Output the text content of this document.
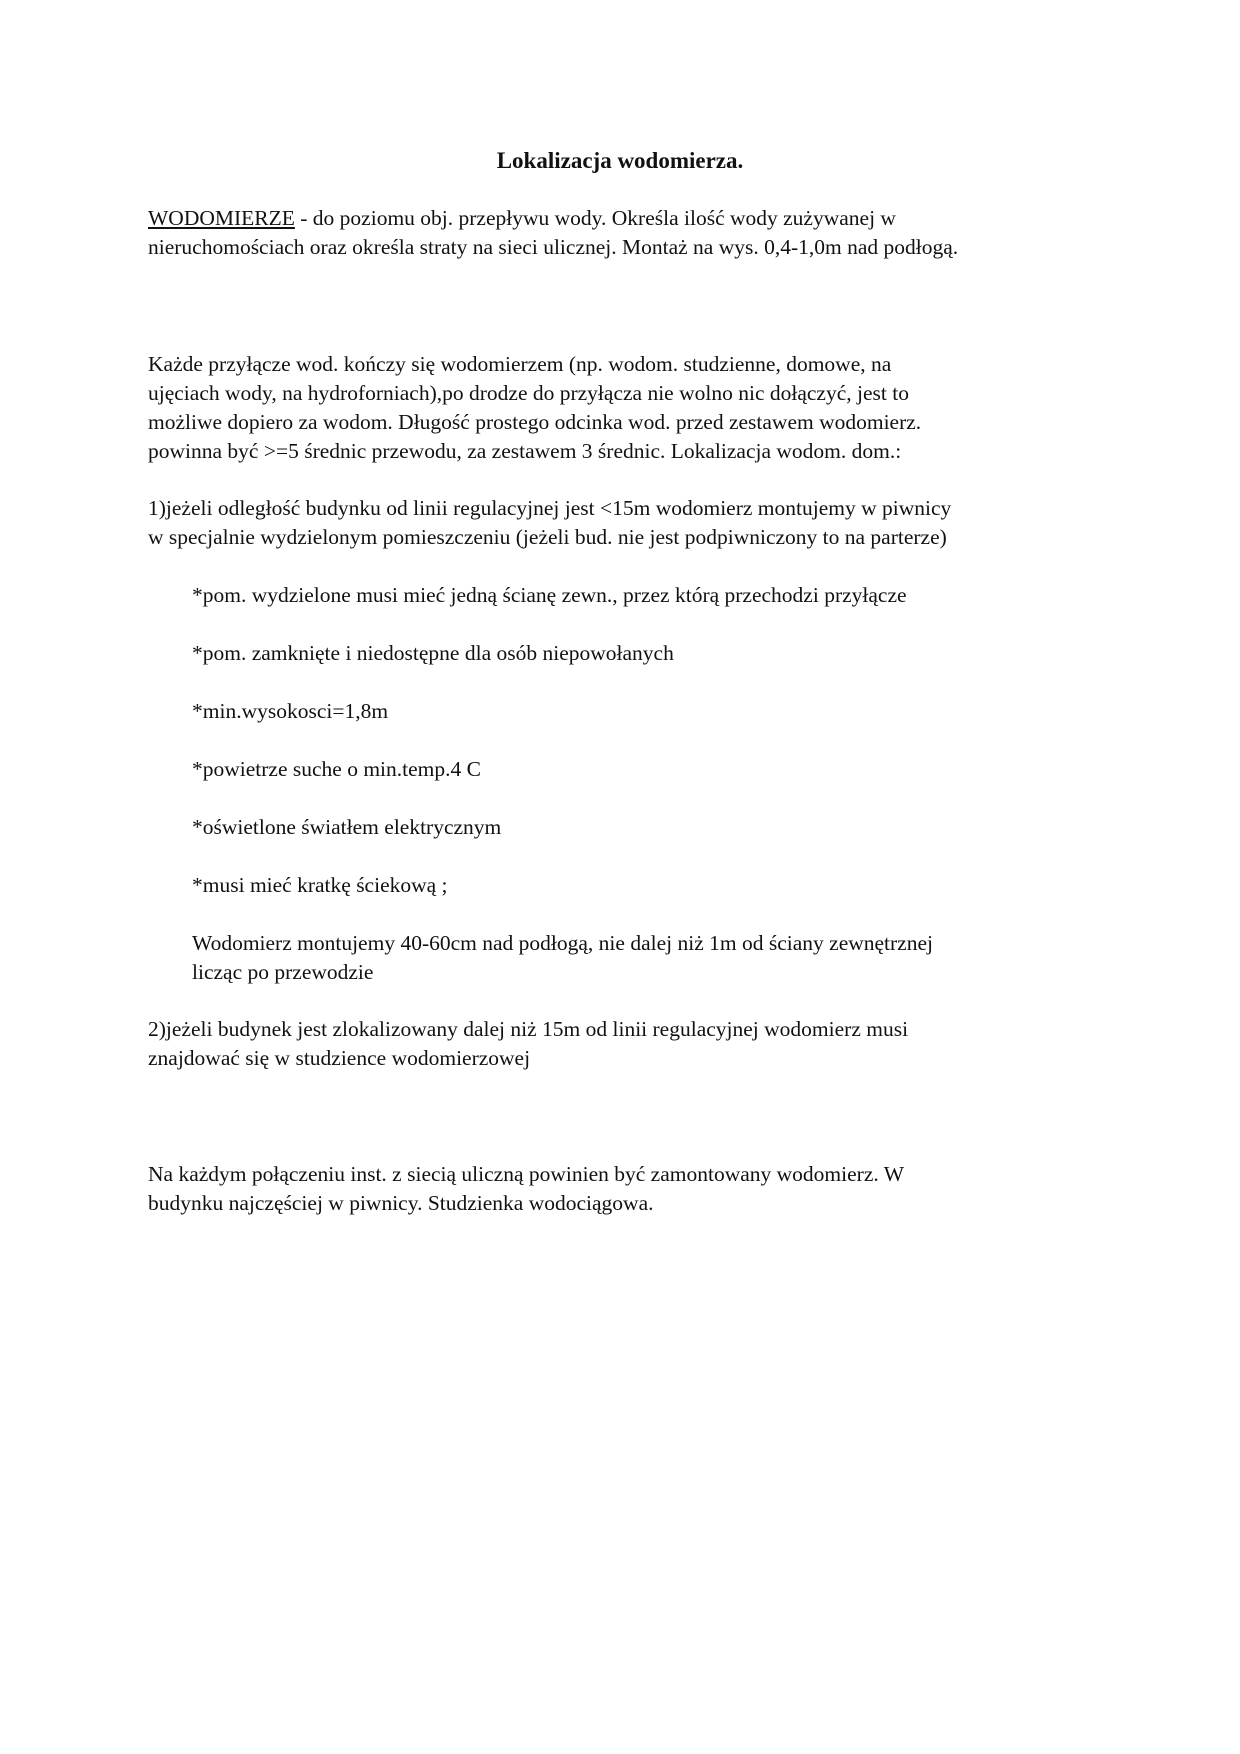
Lokalizacja wodomierza.

WODOMIERZE - do poziomu obj. przepływu wody. Określa ilość wody zużywanej w
nieruchomościach oraz określa straty na sieci ulicznej. Montaż na wys. 0,4-1,0m nad podłogą.

Każde przyłącze wod. kończy się wodomierzem (np. wodom. studzienne, domowe, na
ujęciach wody, na hydroforniach),po drodze do przyłącza nie wolno nic dołączyć, jest to
możliwe dopiero za wodom. Długość prostego odcinka wod. przed zestawem wodomierz.
powinna być >=5 średnic przewodu, za zestawem 3 średnic. Lokalizacja wodom. dom.:

1)jeżeli odległość budynku od linii regulacyjnej jest <15m wodomierz montujemy w piwnicy
w specjalnie wydzielonym pomieszczeniu (jeżeli bud. nie jest podpiwniczony to na parterze)

*pom. wydzielone musi mieć jedną ścianę zewn., przez którą przechodzi przyłącze

*pom. zamknięte i niedostępne dla osób niepowołanych

*min.wysokosci=1,8m

*powietrze suche o min.temp.4 C

*oświetlone światłem elektrycznym

*musi mieć kratkę ściekową ;

Wodomierz montujemy 40-60cm nad podłogą, nie dalej niż 1m od ściany zewnętrznej
licząc po przewodzie

2)jeżeli budynek jest zlokalizowany dalej niż 15m od linii regulacyjnej wodomierz musi
znajdować się w studzience wodomierzowej

Na każdym połączeniu inst. z siecią uliczną powinien być zamontowany wodomierz. W
budynku najczęściej w piwnicy. Studzienka wodociągowa.
